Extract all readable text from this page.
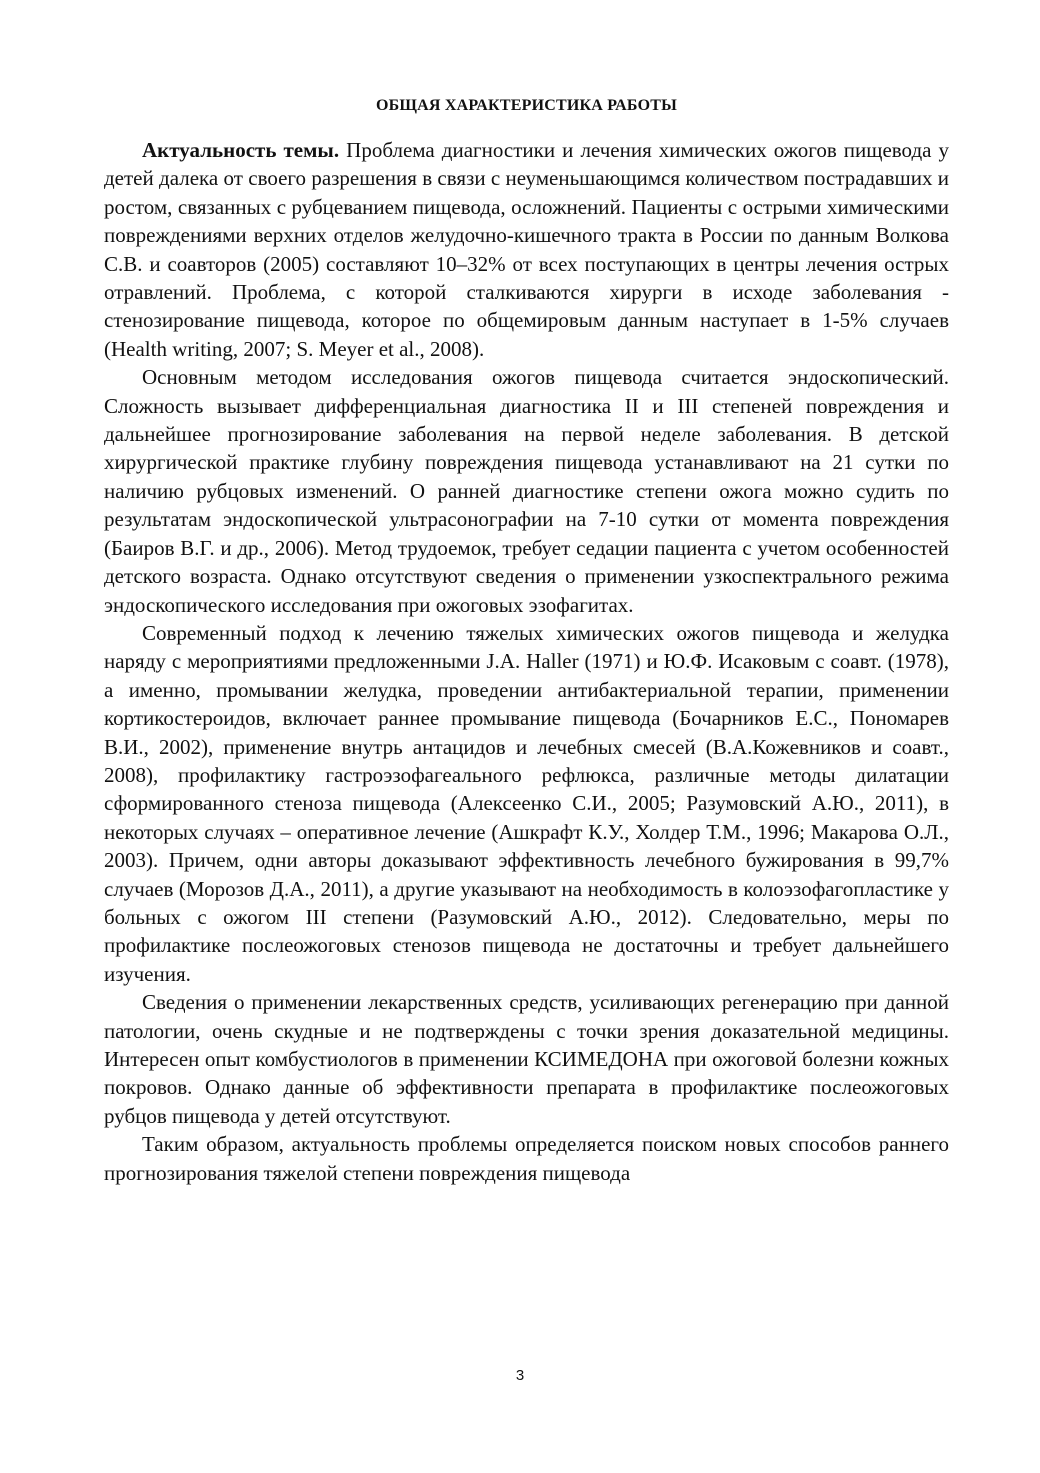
ОБЩАЯ ХАРАКТЕРИСТИКА РАБОТЫ

Актуальность темы. Проблема диагностики и лечения химических ожогов пищевода у детей далека от своего разрешения в связи с неуменьшающимся количеством пострадавших и ростом, связанных с рубцеванием пищевода, осложнений. Пациенты с острыми химическими повреждениями верхних отделов желудочно-кишечного тракта в России по данным Волкова С.В. и соавторов (2005) составляют 10–32% от всех поступающих в центры лечения острых отравлений. Проблема, с которой сталкиваются хирурги в исходе заболевания - стенозирование пищевода, которое по общемировым данным наступает в 1-5% случаев (Health writing, 2007; S. Meyer et al., 2008).

Основным методом исследования ожогов пищевода считается эндоскопический. Сложность вызывает дифференциальная диагностика II и III степеней повреждения и дальнейшее прогнозирование заболевания на первой неделе заболевания. В детской хирургической практике глубину повреждения пищевода устанавливают на 21 сутки по наличию рубцовых изменений. О ранней диагностике степени ожога можно судить по результатам эндоскопической ультрасонографии на 7-10 сутки от момента повреждения (Баиров В.Г. и др., 2006). Метод трудоемок, требует седации пациента с учетом особенностей детского возраста. Однако отсутствуют сведения о применении узкоспектрального режима эндоскопического исследования при ожоговых эзофагитах.

Современный подход к лечению тяжелых химических ожогов пищевода и желудка наряду с мероприятиями предложенными J.A. Haller (1971) и Ю.Ф. Исаковым с соавт. (1978), а именно, промывании желудка, проведении антибактериальной терапии, применении кортикостероидов, включает раннее промывание пищевода (Бочарников Е.С., Пономарев В.И., 2002), применение внутрь антацидов и лечебных смесей (В.А.Кожевников и соавт., 2008), профилактику гастроэзофагеального рефлюкса, различные методы дилатации сформированного стеноза пищевода (Алексеенко С.И., 2005; Разумовский А.Ю., 2011), в некоторых случаях – оперативное лечение (Ашкрафт К.У., Холдер Т.М., 1996; Макарова О.Л., 2003). Причем, одни авторы доказывают эффективность лечебного бужирования в 99,7% случаев (Морозов Д.А., 2011), а другие указывают на необходимость в колоэзофагопластике у больных с ожогом III степени (Разумовский А.Ю., 2012). Следовательно, меры по профилактике послеожоговых стенозов пищевода не достаточны и требует дальнейшего изучения.

Сведения о применении лекарственных средств, усиливающих регенерацию при данной патологии, очень скудные и не подтверждены с точки зрения доказательной медицины. Интересен опыт комбустиологов в применении КСИМЕДОНА при ожоговой болезни кожных покровов. Однако данные об эффективности препарата в профилактике послеожоговых рубцов пищевода у детей отсутствуют.

Таким образом, актуальность проблемы определяется поиском новых способов раннего прогнозирования тяжелой степени повреждения пищевода

3
